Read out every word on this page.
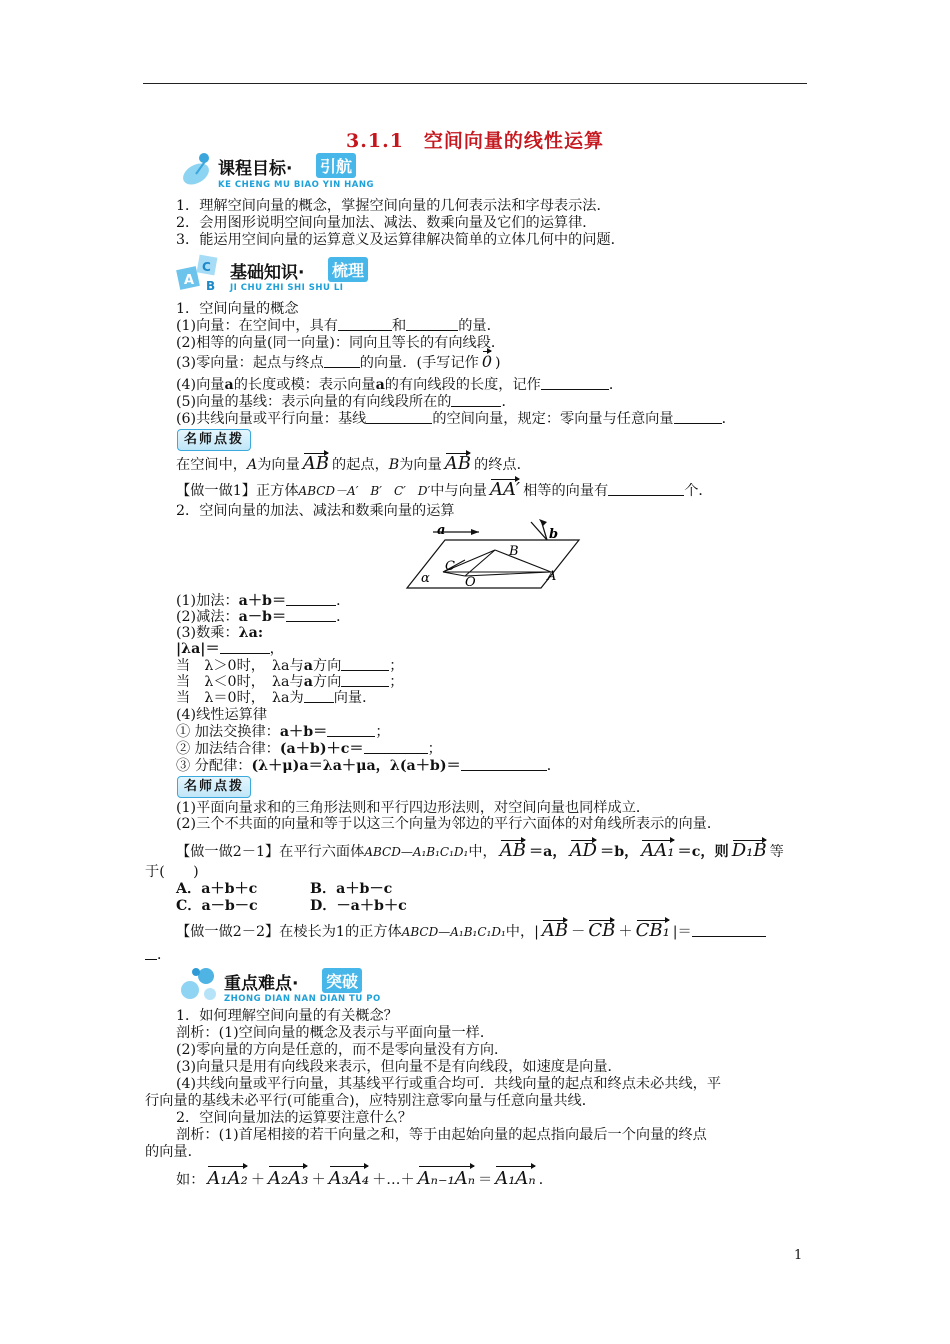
3.1.1　空间向量的线性运算
课程目标· 引航
KE CHENG MU BIAO YIN HANG
1．理解空间向量的概念，掌握空间向量的几何表示法和字母表示法．
2．会用图形说明空间向量加法、减法、数乘向量及它们的运算律．
3．能运用空间向量的运算意义及运算律解决简单的立体几何中的问题．
A
C
B
基础知识· 梳理
JI CHU ZHI SHI SHU LI
1．空间向量的概念
(1)向量：在空间中，具有	和	的量．
(2)相等的向量(同一向量)：同向且等长的有向线段．
(3)零向量：起点与终点	的向量．(手写记作 0 )
(4)向量a的长度或模：表示向量a的有向线段的长度，记作	．
(5)向量的基线：表示向量的有向线段所在的	．
(6)共线向量或平行向量：基线	的空间向量，规定：零向量与任意向量	．
名师点拨
在空间中，A为向量 AB 的起点，B为向量 AB 的终点．
【做一做1】正方体ABCD－A′　B′　C′　D′中与向量 AA′ 相等的向量有	个．
2．空间向量的加法、减法和数乘向量的运算
a	b
B
C
O	A
α
(1)加法：a＋b＝	．
(2)减法：a－b＝	．
(3)数乘：λa:
|λa|＝	，
当　λ＞0时，　λa与a方向	；
当　λ＜0时，　λa与a方向	；
当　λ＝0时，　λa为 向量．
(4)线性运算律
① 加法交换律：a＋b＝	；
② 加法结合律：(a＋b)＋c＝	；
③ 分配律：(λ＋μ)a＝λa＋μa，λ(a＋b)＝	．
名师点拨
(1)平面向量求和的三角形法则和平行四边形法则，对空间向量也同样成立．
(2)三个不共面的向量和等于以这三个向量为邻边的平行六面体的对角线所表示的向量．
【做一做2－1】在平行六面体ABCD—A₁B₁C₁D₁中， AB ＝a， AD ＝b， AA₁ ＝c，则 D₁B 等
于(　　)
A．a＋b＋c	B．a＋b－c
C．a－b－c	D．－a＋b＋c
【做一做2－2】在棱长为1的正方体ABCD—A₁B₁C₁D₁中，| AB － CB ＋ CB₁ |＝
．
重点难点· 突破
ZHONG DIAN NAN DIAN TU PO
1．如何理解空间向量的有关概念？
剖析：(1)空间向量的概念及表示与平面向量一样．
(2)零向量的方向是任意的，而不是零向量没有方向．
(3)向量只是用有向线段来表示，但向量不是有向线段，如速度是向量．
(4)共线向量或平行向量，其基线平行或重合均可．共线向量的起点和终点未必共线，平
行向量的基线未必平行(可能重合)，应特别注意零向量与任意向量共线．
2．空间向量加法的运算要注意什么？
剖析：(1)首尾相接的若干向量之和，等于由起始向量的起点指向最后一个向量的终点
的向量．
如： A₁A₂ ＋ A₂A₃ ＋ A₃A₄ ＋…＋ Aₙ₋₁Aₙ ＝ A₁Aₙ ．
1
